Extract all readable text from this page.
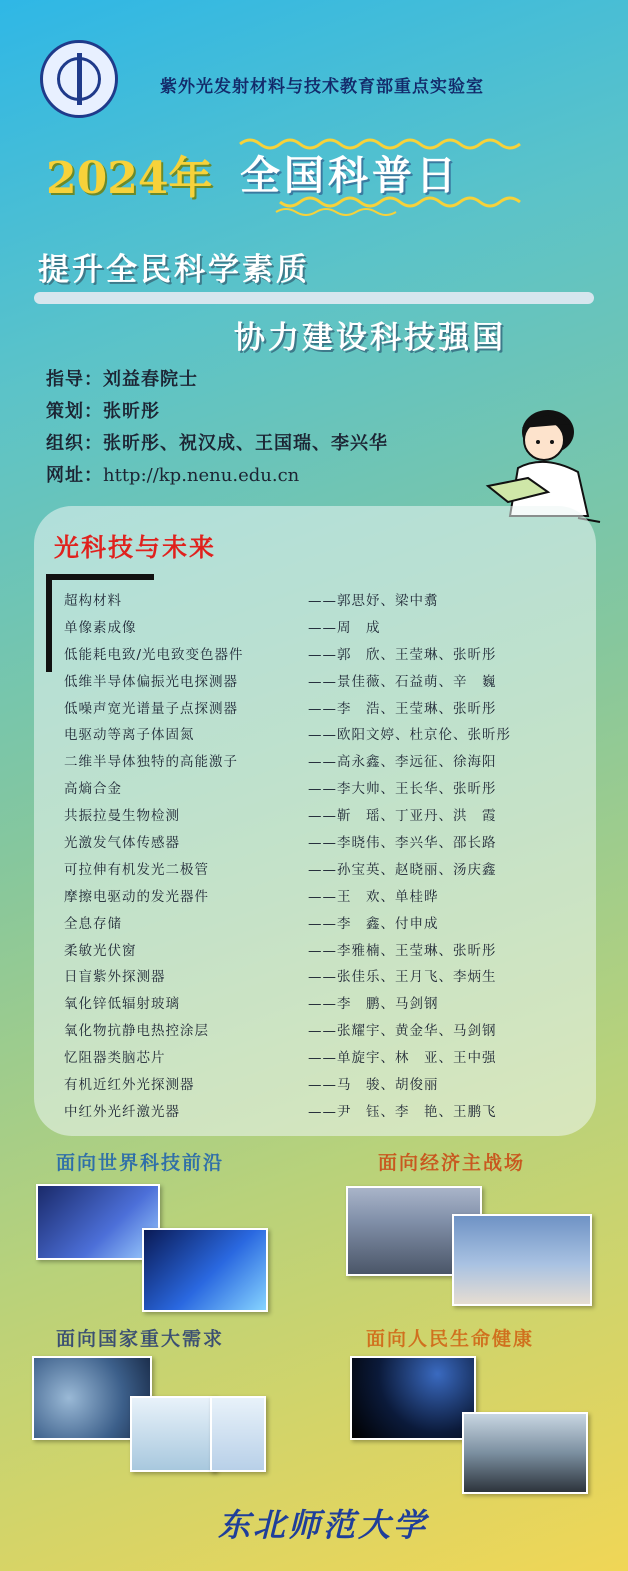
紫外光发射材料与技术教育部重点实验室
2024年 全国科普日
提升全民科学素质
协力建设科技强国
指导：刘益春院士
策划：张昕彤
组织：张昕彤、祝汉成、王国瑞、李兴华
网址：http://kp.nenu.edu.cn
光科技与未来
超构材料	——郭思妤、梁中翥
单像素成像	——周　成
低能耗电致/光电致变色器件	——郭　欣、王莹琳、张昕彤
低维半导体偏振光电探测器	——景佳薇、石益萌、辛　巍
低噪声宽光谱量子点探测器	——李　浩、王莹琳、张昕彤
电驱动等离子体固氮	——欧阳文婷、杜京伦、张昕彤
二维半导体独特的高能激子	——高永鑫、李远征、徐海阳
高熵合金	——李大帅、王长华、张昕彤
共振拉曼生物检测	——靳　瑶、丁亚丹、洪　霞
光激发气体传感器	——李晓伟、李兴华、邵长路
可拉伸有机发光二极管	——孙宝英、赵晓丽、汤庆鑫
摩擦电驱动的发光器件	——王　欢、单桂晔
全息存储	——李　鑫、付申成
柔敏光伏窗	——李雅楠、王莹琳、张昕彤
日盲紫外探测器	——张佳乐、王月飞、李炳生
氧化锌低辐射玻璃	——李　鹏、马剑钢
氧化物抗静电热控涂层	——张耀宇、黄金华、马剑钢
忆阻器类脑芯片	——单旋宇、林　亚、王中强
有机近红外光探测器	——马　骏、胡俊丽
中红外光纤激光器	——尹　钰、李　艳、王鹏飞
面向世界科技前沿	面向经济主战场
面向国家重大需求	面向人民生命健康
东北师范大学
